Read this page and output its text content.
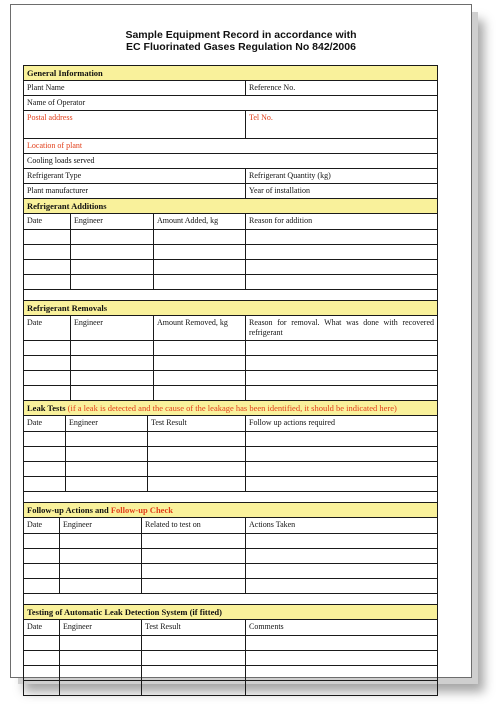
Sample Equipment Record in accordance with
EC Fluorinated Gases Regulation No 842/2006
General Information
Plant Name	Reference No.
Name of Operator
Postal address	Tel No.
Location of plant
Cooling loads served
Refrigerant Type	Refrigerant Quantity (kg)
Plant manufacturer	Year of installation
Refrigerant Additions
Date	Engineer	Amount Added, kg	Reason for addition
Refrigerant Removals
Date	Engineer	Amount Removed, kg	Reason for removal. What was done with recovered refrigerant
Leak Tests (if a leak is detected and the cause of the leakage has been identified, it should be indicated here)
Date	Engineer	Test Result	Follow up actions required
Follow-up Actions and Follow-up Check
Date	Engineer	Related to test on	Actions Taken
Testing of Automatic Leak Detection System (if fitted)
Date	Engineer	Test Result	Comments
